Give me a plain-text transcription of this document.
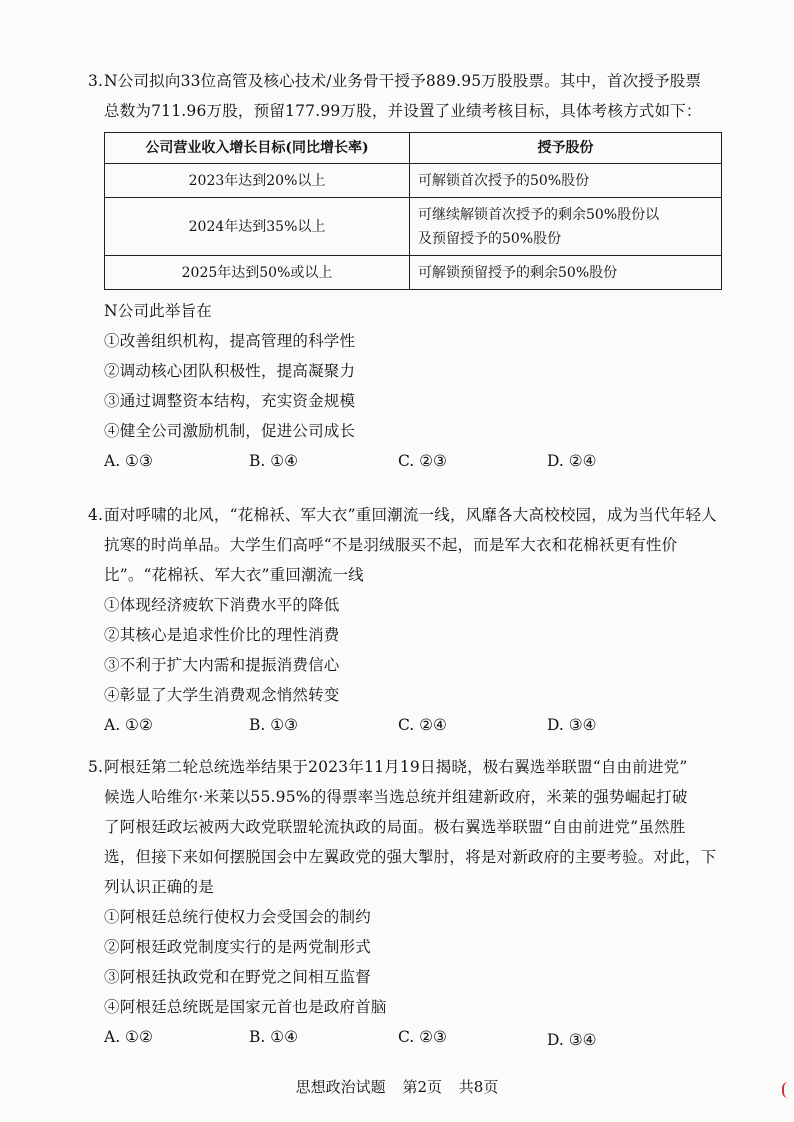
3. N公司拟向33位高管及核心技术/业务骨干授予889.95万股股票。其中，首次授予股票
总数为711.96万股，预留177.99万股，并设置了业绩考核目标，具体考核方式如下：
公司营业收入增长目标(同比增长率)	授予股份
2023年达到20%以上	可解锁首次授予的50%股份
2024年达到35%以上	可继续解锁首次授予的剩余50%股份以
及预留授予的50%股份

2025年达到50%或以上	可解锁预留授予的剩余50%股份
N公司此举旨在
①改善组织机构，提高管理的科学性
②调动核心团队积极性，提高凝聚力
③通过调整资本结构，充实资金规模
④健全公司激励机制，促进公司成长
A. ①③	B. ①④	C. ②③	D. ②④
4. 面对呼啸的北风，“花棉袄、军大衣”重回潮流一线，风靡各大高校校园，成为当代年轻人
抗寒的时尚单品。大学生们高呼“不是羽绒服买不起，而是军大衣和花棉袄更有性价
比”。“花棉袄、军大衣”重回潮流一线
①体现经济疲软下消费水平的降低
②其核心是追求性价比的理性消费
③不利于扩大内需和提振消费信心
④彰显了大学生消费观念悄然转变
A. ①②	B. ①③	C. ②④	D. ③④
5. 阿根廷第二轮总统选举结果于2023年11月19日揭晓，极右翼选举联盟“自由前进党”
候选人哈维尔·米莱以55.95%的得票率当选总统并组建新政府，米莱的强势崛起打破
了阿根廷政坛被两大政党联盟轮流执政的局面。极右翼选举联盟“自由前进党”虽然胜
选，但接下来如何摆脱国会中左翼政党的强大掣肘，将是对新政府的主要考验。对此，下
列认识正确的是
①阿根廷总统行使权力会受国会的制约
②阿根廷政党制度实行的是两党制形式
③阿根廷执政党和在野党之间相互监督
④阿根廷总统既是国家元首也是政府首脑
A. ①②	B. ①④	C. ②③	D. ③④
思想政治试题 第2页 共8页
